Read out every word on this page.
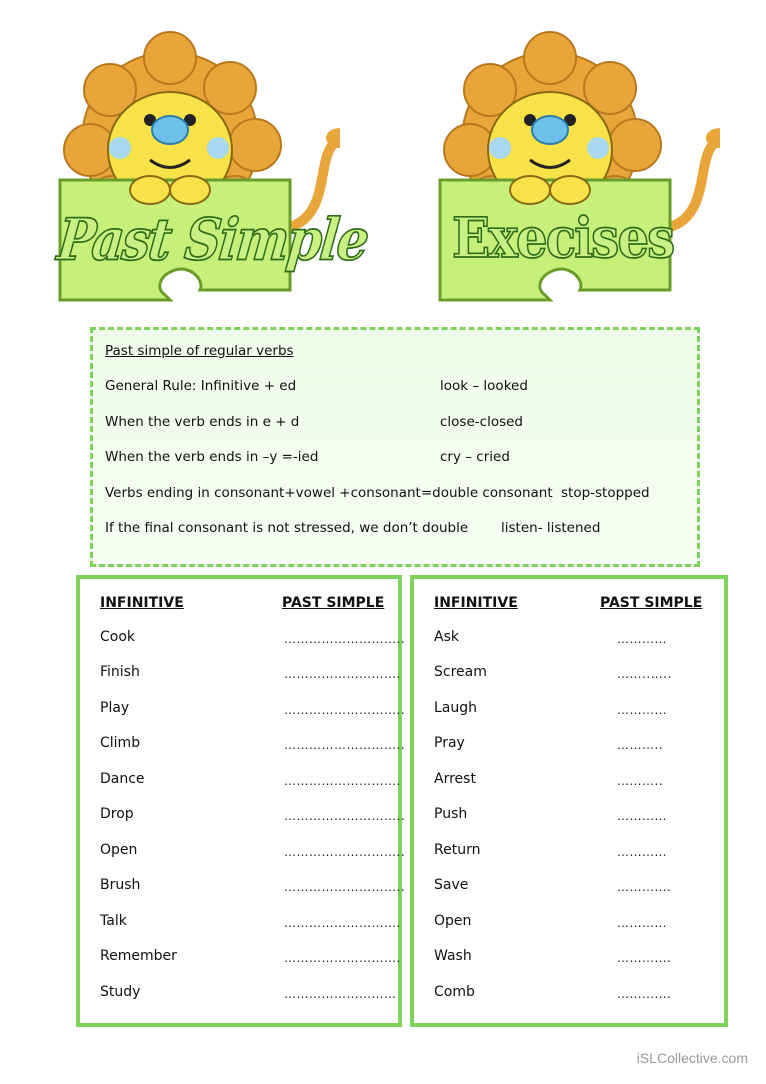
Past Simple Execises
Past simple of regular verbs
General Rule: Infinitive + ed	look – looked
When the verb ends in e + d	close-closed
When the verb ends in –y =-ied	cry – cried
Verbs ending in consonant+vowel +consonant=double consonant stop-stopped
If the final consonant is not stressed, we don’t double listen- listened
INFINITIVE	PAST SIMPLE
Cook	………………………..
Finish	……………………….
Play	………………………..
Climb	………………………..
Dance	……………………….
Drop	………………………..
Open	………………………..
Brush	………………………..
Talk	……………………….
Remember	……………………….
Study	………………………
INFINITIVE	PAST SIMPLE
Ask	…………
Scream	……..…..
Laugh	…………
Pray	………..
Arrest	………..
Push	…………
Return	…………
Save	………….
Open	…………
Wash	………….
Comb	………….
iSLCollective.com
